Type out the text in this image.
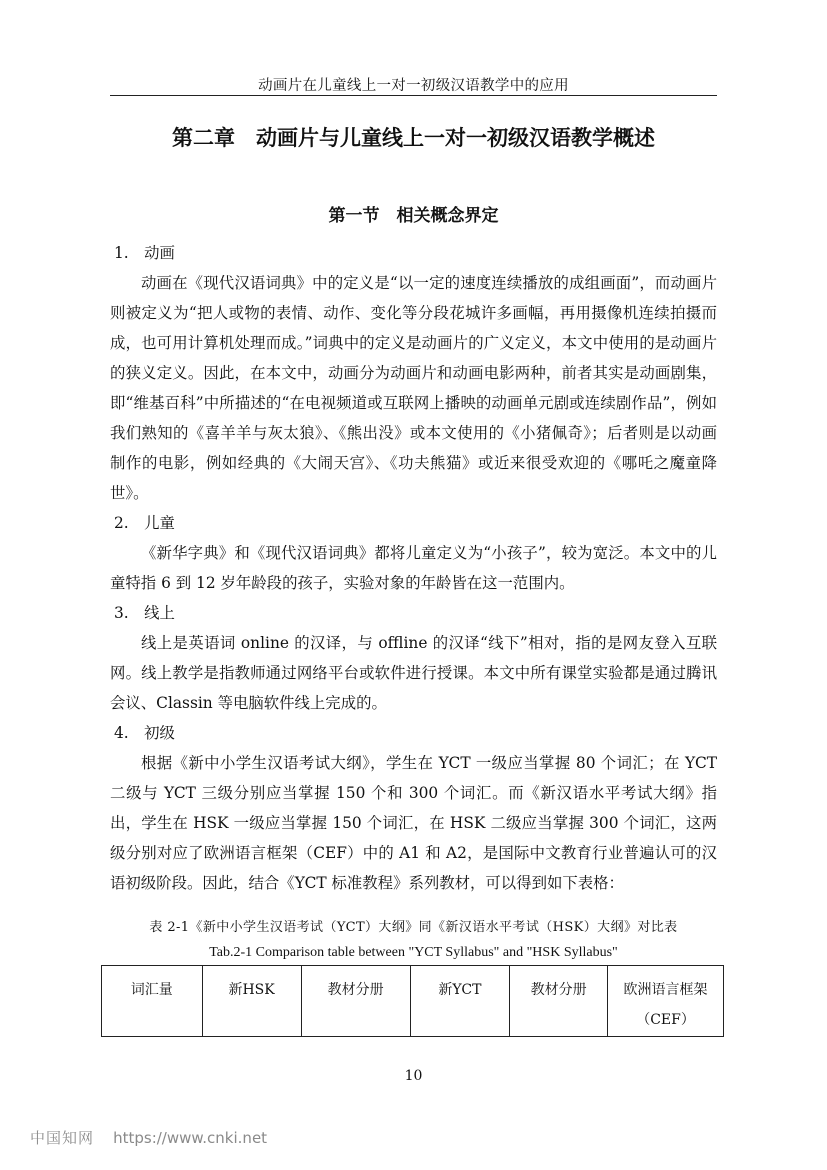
动画片在儿童线上一对一初级汉语教学中的应用
第二章　动画片与儿童线上一对一初级汉语教学概述
第一节　相关概念界定
1.　动画

动画在《现代汉语词典》中的定义是“以一定的速度连续播放的成组画面”，而动画片则被定义为“把人或物的表情、动作、变化等分段花城许多画幅，再用摄像机连续拍摄而成，也可用计算机处理而成。”词典中的定义是动画片的广义定义，本文中使用的是动画片的狭义定义。因此，在本文中，动画分为动画片和动画电影两种，前者其实是动画剧集，即“维基百科”中所描述的“在电视频道或互联网上播映的动画单元剧或连续剧作品”，例如我们熟知的《喜羊羊与灰太狼》、《熊出没》或本文使用的《小猪佩奇》；后者则是以动画制作的电影，例如经典的《大闹天宫》、《功夫熊猫》或近来很受欢迎的《哪吒之魔童降世》。

2.　儿童

《新华字典》和《现代汉语词典》都将儿童定义为“小孩子”，较为宽泛。本文中的儿童特指 6 到 12 岁年龄段的孩子，实验对象的年龄皆在这一范围内。

3.　线上

线上是英语词 online 的汉译，与 offline 的汉译“线下”相对，指的是网友登入互联网。线上教学是指教师通过网络平台或软件进行授课。本文中所有课堂实验都是通过腾讯会议、Classin 等电脑软件线上完成的。

4.　初级

根据《新中小学生汉语考试大纲》，学生在 YCT 一级应当掌握 80 个词汇；在 YCT 二级与 YCT 三级分别应当掌握 150 个和 300 个词汇。而《新汉语水平考试大纲》指出，学生在 HSK 一级应当掌握 150 个词汇，在 HSK 二级应当掌握 300 个词汇，这两级分别对应了欧洲语言框架（CEF）中的 A1 和 A2，是国际中文教育行业普遍认可的汉语初级阶段。因此，结合《YCT 标准教程》系列教材，可以得到如下表格：

表 2-1《新中小学生汉语考试（YCT）大纲》同《新汉语水平考试（HSK）大纲》对比表
Tab.2-1 Comparison table between "YCT Syllabus" and "HSK Syllabus"
词汇量	新HSK	教材分册	新YCT	教材分册	欧洲语言框架（CEF）
10
中国知网 https://www.cnki.net
